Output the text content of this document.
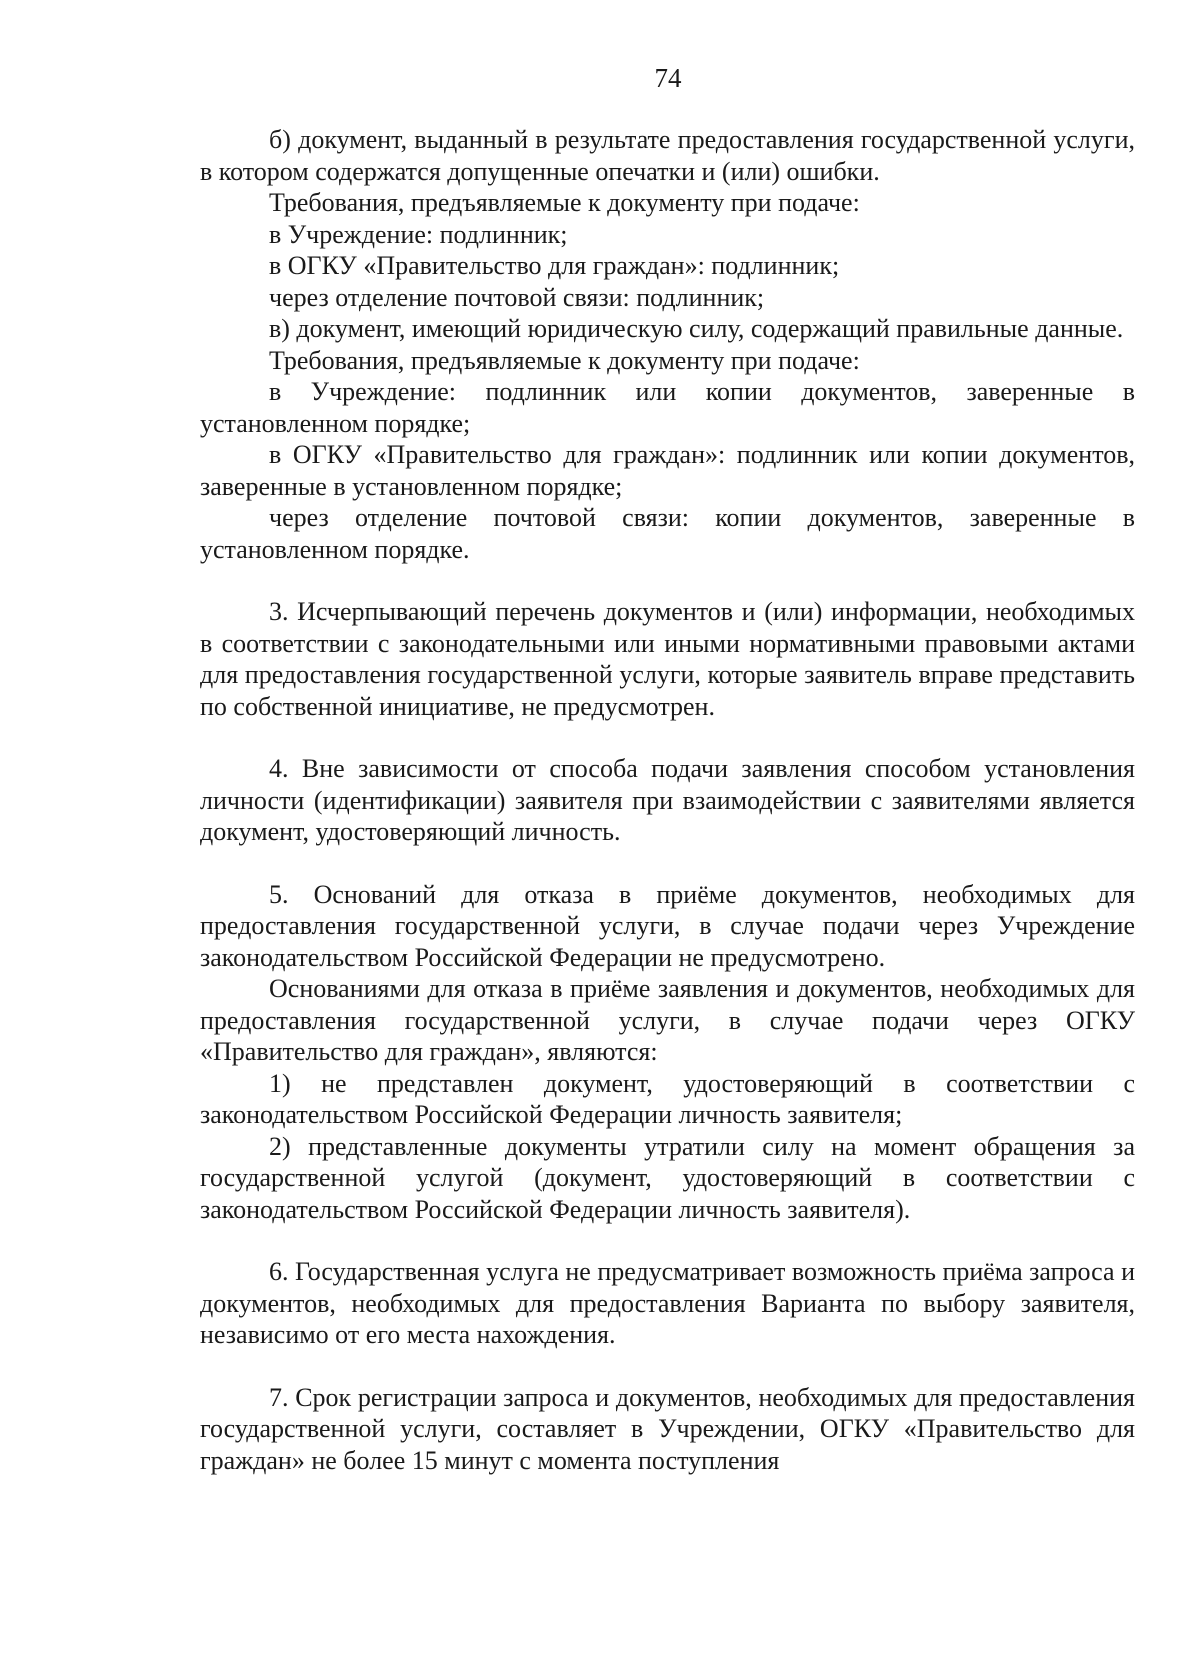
74

б) документ, выданный в результате предоставления государственной услуги, в котором содержатся допущенные опечатки и (или) ошибки.

Требования, предъявляемые к документу при подаче:

в Учреждение: подлинник;

в ОГКУ «Правительство для граждан»: подлинник;

через отделение почтовой связи: подлинник;

в) документ, имеющий юридическую силу, содержащий правильные данные.

Требования, предъявляемые к документу при подаче:

в Учреждение: подлинник или копии документов, заверенные в установленном порядке;

в ОГКУ «Правительство для граждан»: подлинник или копии документов, заверенные в установленном порядке;

через отделение почтовой связи: копии документов, заверенные в установленном порядке.

3. Исчерпывающий перечень документов и (или) информации, необходимых в соответствии с законодательными или иными нормативными правовыми актами для предоставления государственной услуги, которые заявитель вправе представить по собственной инициативе, не предусмотрен.

4. Вне зависимости от способа подачи заявления способом установления личности (идентификации) заявителя при взаимодействии с заявителями является документ, удостоверяющий личность.

5. Оснований для отказа в приёме документов, необходимых для предоставления государственной услуги, в случае подачи через Учреждение законодательством Российской Федерации не предусмотрено.

Основаниями для отказа в приёме заявления и документов, необходимых для предоставления государственной услуги, в случае подачи через ОГКУ «Правительство для граждан», являются:

1) не представлен документ, удостоверяющий в соответствии с законодательством Российской Федерации личность заявителя;

2) представленные документы утратили силу на момент обращения за государственной услугой (документ, удостоверяющий в соответствии с законодательством Российской Федерации личность заявителя).

6. Государственная услуга не предусматривает возможность приёма запроса и документов, необходимых для предоставления Варианта по выбору заявителя, независимо от его места нахождения.

7. Срок регистрации запроса и документов, необходимых для предоставления государственной услуги, составляет в Учреждении, ОГКУ «Правительство для граждан» не более 15 минут с момента поступления
